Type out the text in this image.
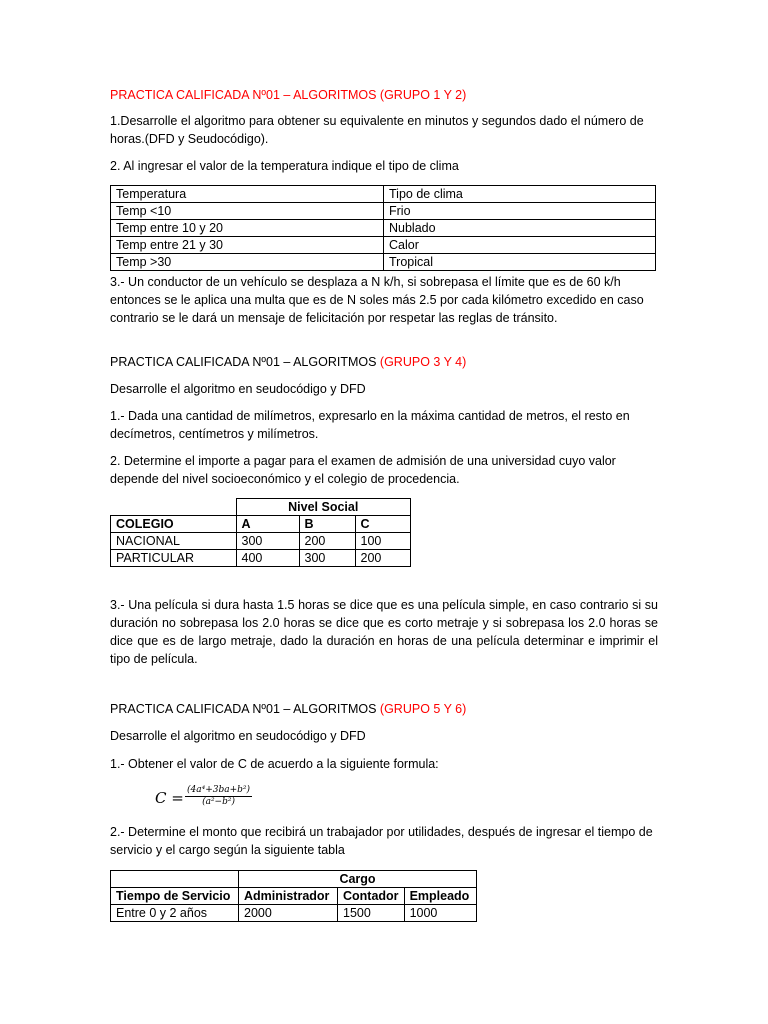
PRACTICA CALIFICADA Nº01 – ALGORITMOS (GRUPO 1 Y 2)

1.Desarrolle el algoritmo para obtener su equivalente en minutos y segundos dado el número de horas.(DFD y Seudocódigo).

2. Al ingresar el valor de la temperatura indique el tipo de clima

Temperatura	Tipo de clima
Temp <10	Frio
Temp entre 10 y 20	Nublado
Temp entre 21 y 30	Calor
Temp >30	Tropical

3.- Un conductor de un vehículo se desplaza a N k/h, si sobrepasa el límite que es de 60 k/h entonces se le aplica una multa que es de N soles más 2.5 por cada kilómetro excedido en caso contrario se le dará un mensaje de felicitación por respetar las reglas de tránsito.

PRACTICA CALIFICADA Nº01 – ALGORITMOS (GRUPO 3 Y 4)

Desarrolle el algoritmo en seudocódigo y DFD

1.- Dada una cantidad de milímetros, expresarlo en la máxima cantidad de metros, el resto en decímetros, centímetros y milímetros.

2. Determine el importe a pagar para el examen de admisión de una universidad cuyo valor depende del nivel socioeconómico y el colegio de procedencia.

	Nivel Social		
COLEGIO	A	B	C
NACIONAL	300	200	100
PARTICULAR	400	300	200

3.- Una película si dura hasta 1.5 horas se dice que es una película simple, en caso contrario si su duración no sobrepasa los 2.0 horas se dice que es corto metraje y si sobrepasa los 2.0 horas se dice que es de largo metraje, dado la duración en horas de una película determinar e imprimir el tipo de película.

PRACTICA CALIFICADA Nº01 – ALGORITMOS (GRUPO 5 Y 6)

Desarrolle el algoritmo en seudocódigo y DFD

1.- Obtener el valor de C de acuerdo a la siguiente formula:

$C = \frac{\text{(4a⁴+3ba+b²)}}{\text{(a²−b²)}}$

2.- Determine el monto que recibirá un trabajador por utilidades, después de ingresar el tiempo de servicio y el cargo según la siguiente tabla

	Cargo		
Tiempo de Servicio	Administrador	Contador	Empleado
Entre 0 y 2 años	2000	1500	1000
